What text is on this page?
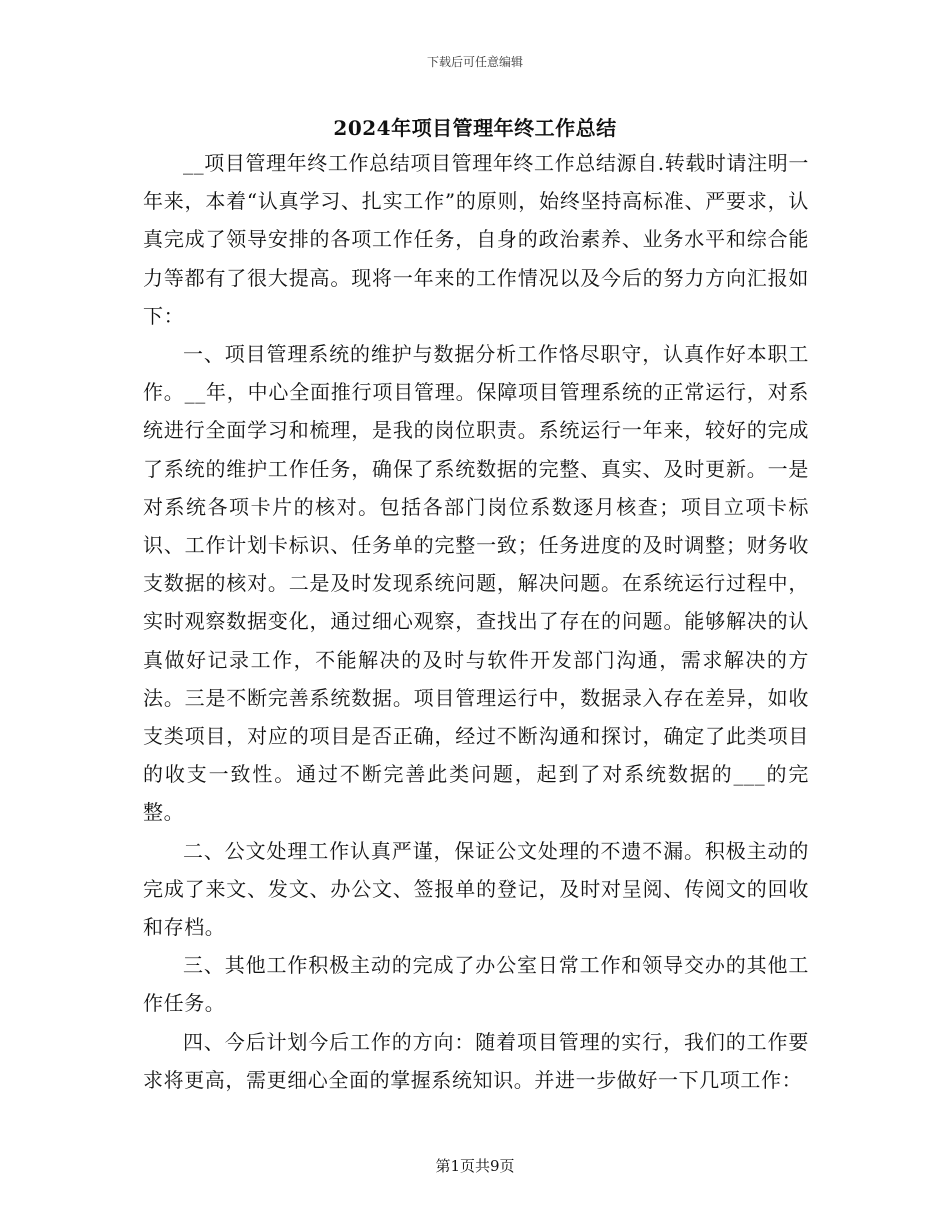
下载后可任意编辑
2024年项目管理年终工作总结

__项目管理年终工作总结项目管理年终工作总结源自.转载时请注明一年来，本着“认真学习、扎实工作”的原则，始终坚持高标准、严要求，认真完成了领导安排的各项工作任务，自身的政治素养、业务水平和综合能力等都有了很大提高。现将一年来的工作情况以及今后的努力方向汇报如下：

一、项目管理系统的维护与数据分析工作恪尽职守，认真作好本职工作。__年，中心全面推行项目管理。保障项目管理系统的正常运行，对系统进行全面学习和梳理，是我的岗位职责。系统运行一年来，较好的完成了系统的维护工作任务，确保了系统数据的完整、真实、及时更新。一是对系统各项卡片的核对。包括各部门岗位系数逐月核查；项目立项卡标识、工作计划卡标识、任务单的完整一致；任务进度的及时调整；财务收支数据的核对。二是及时发现系统问题，解决问题。在系统运行过程中，实时观察数据变化，通过细心观察，查找出了存在的问题。能够解决的认真做好记录工作，不能解决的及时与软件开发部门沟通，需求解决的方法。三是不断完善系统数据。项目管理运行中，数据录入存在差异，如收支类项目，对应的项目是否正确，经过不断沟通和探讨，确定了此类项目的收支一致性。通过不断完善此类问题，起到了对系统数据的___的完整。

二、公文处理工作认真严谨，保证公文处理的不遗不漏。积极主动的完成了来文、发文、办公文、签报单的登记，及时对呈阅、传阅文的回收和存档。

三、其他工作积极主动的完成了办公室日常工作和领导交办的其他工作任务。

四、今后计划今后工作的方向：随着项目管理的实行，我们的工作要求将更高，需更细心全面的掌握系统知识。并进一步做好一下几项工作：

第1页共9页
